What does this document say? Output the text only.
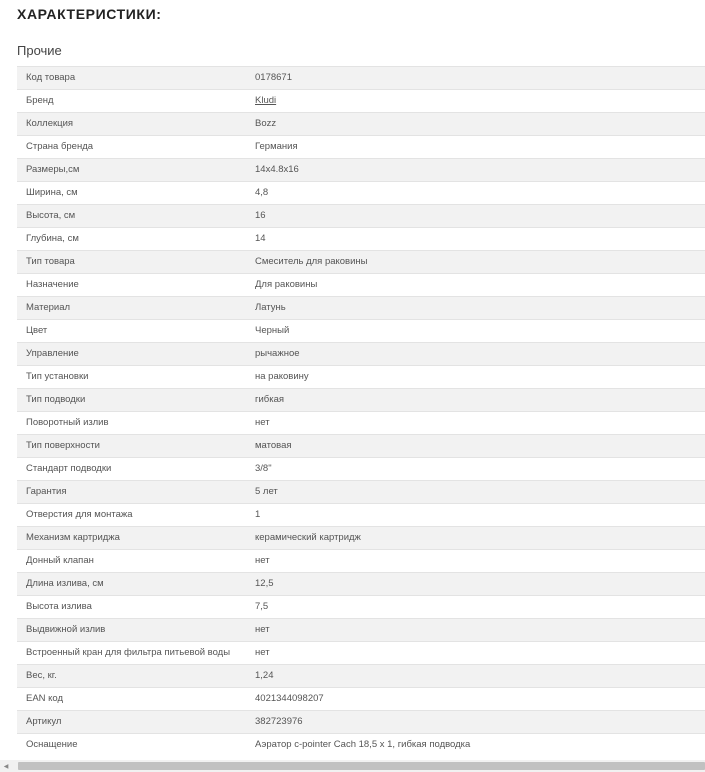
ХАРАКТЕРИСТИКИ:
Прочие
Код товара	0178671
Бренд	Kludi
Коллекция	Bozz
Страна бренда	Германия
Размеры,см	14х4.8х16
Ширина, см	4,8
Высота, см	16
Глубина, см	14
Тип товара	Смеситель для раковины
Назначение	Для раковины
Материал	Латунь
Цвет	Черный
Управление	рычажное
Тип установки	на раковину
Тип подводки	гибкая
Поворотный излив	нет
Тип поверхности	матовая
Стандарт подводки	3/8"
Гарантия	5 лет
Отверстия для монтажа	1
Механизм картриджа	керамический картридж
Донный клапан	нет
Длина излива, см	12,5
Высота излива	7,5
Выдвижной излив	нет
Встроенный кран для фильтра питьевой воды	нет
Вес, кг.	1,24
EAN код	4021344098207
Артикул	382723976
Оснащение	Аэратор c-pointer Cach 18,5 x 1, гибкая подводка
◀
